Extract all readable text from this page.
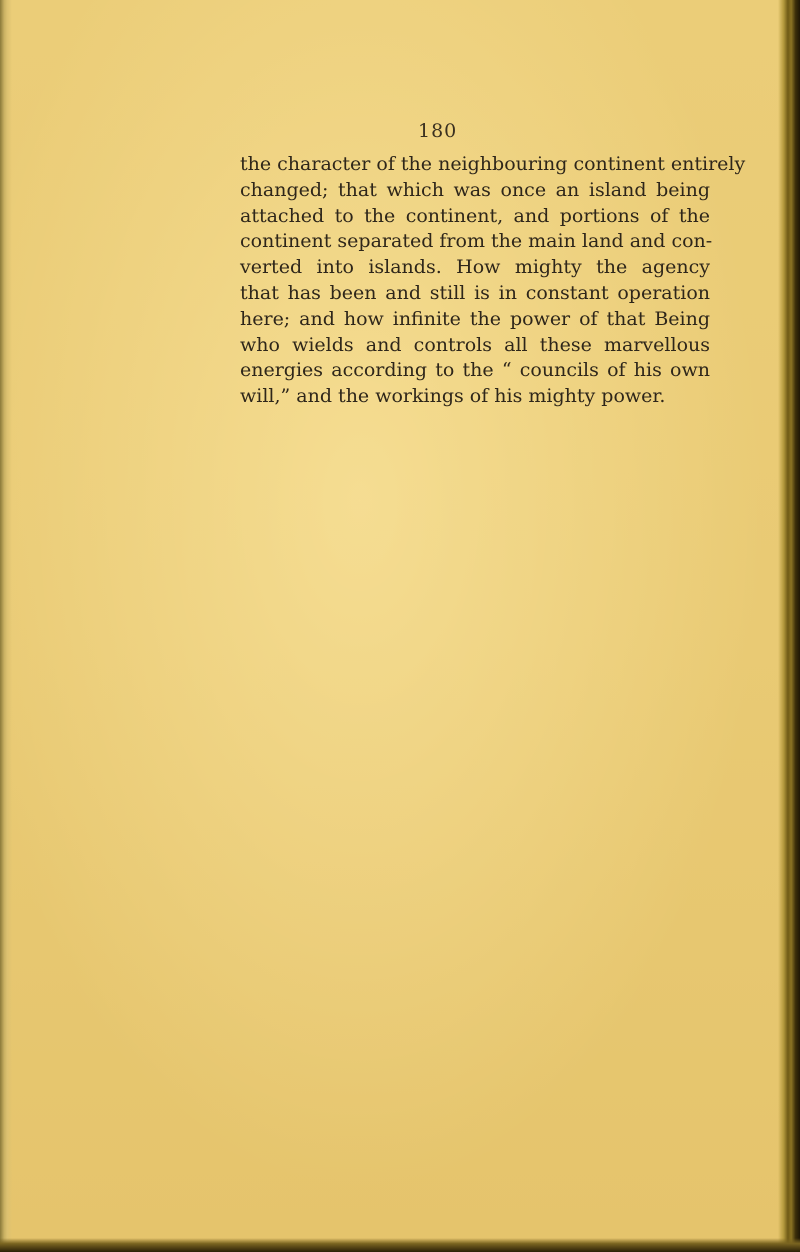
180
the character of the neighbouring continent entirely
changed; that which was once an island being
attached to the continent, and portions of the
continent separated from the main land and con-
verted into islands. How mighty the agency
that has been and still is in constant operation
here; and how infinite the power of that Being
who wields and controls all these marvellous
energies according to the “ councils of his own
will,” and the workings of his mighty power.
